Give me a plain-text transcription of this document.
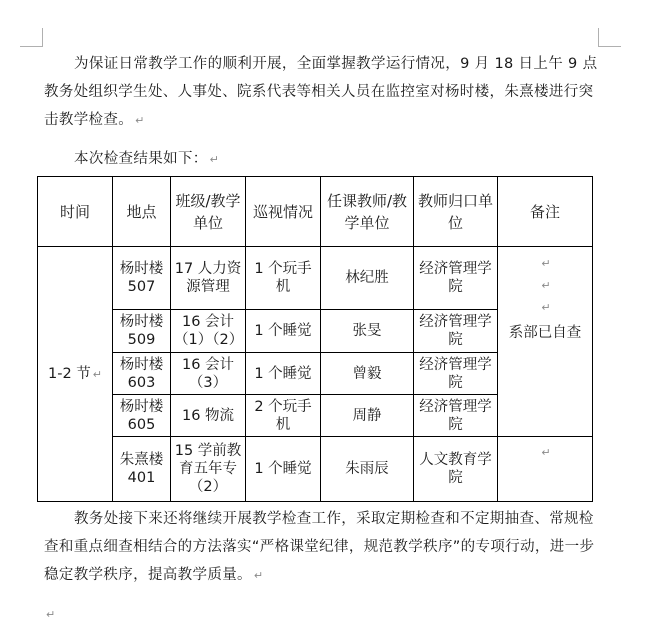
为保证日常教学工作的顺利开展，全面掌握教学运行情况，9 月 18 日上午 9 点教务处组织学生处、人事处、院系代表等相关人员在监控室对杨时楼，朱熹楼进行突击教学检查。 ↵

本次检查结果如下： ↵

时间	地点	班级/教学单位	巡视情况	任课教师/教学单位	教师归口单位	备注
1-2 节 ↵	杨时楼 507	17 人力资源管理	1 个玩手机	林纪胜	经济管理学院	↵
↵
↵
系部已自查

	杨时楼 509	16 会计（1）（2）	1 个睡觉	张旻	经济管理学院	
	杨时楼 603	16 会计（3）	1 个睡觉	曾毅	经济管理学院	
	杨时楼 605	16 物流	2 个玩手机	周静	经济管理学院	
	朱熹楼 401	15 学前教育五年专（2）	1 个睡觉	朱雨辰	人文教育学院	↵

教务处接下来还将继续开展教学检查工作，采取定期检查和不定期抽查、常规检查和重点细查相结合的方法落实“严格课堂纪律，规范教学秩序”的专项行动，进一步稳定教学秩序，提高教学质量。 ↵

↵
